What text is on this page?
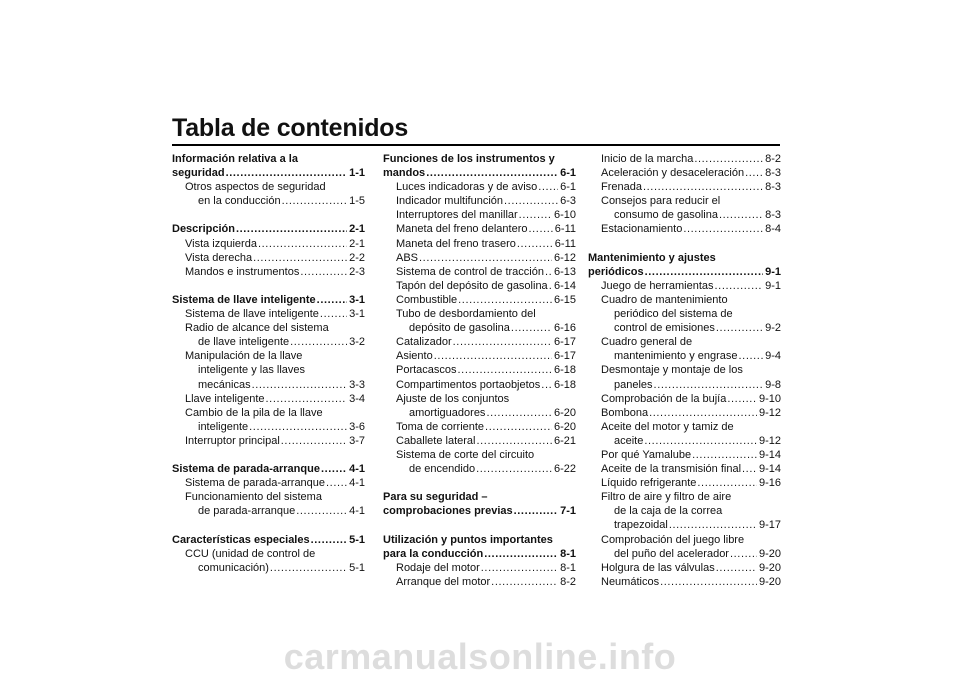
Tabla de contenidos
Información relativa a la
seguridad .....	1-1
Otros aspectos de seguridad
en la conducción .....	1-5
Descripción .....	2-1
Vista izquierda .....	2-1
Vista derecha .....	2-2
Mandos e instrumentos .....	2-3
Sistema de llave inteligente .....	3-1
Sistema de llave inteligente .....	3-1
Radio de alcance del sistema
de llave inteligente .....	3-2
Manipulación de la llave
inteligente y las llaves
mecánicas .....	3-3
Llave inteligente .....	3-4
Cambio de la pila de la llave
inteligente .....	3-6
Interruptor principal .....	3-7
Sistema de parada-arranque .....	4-1
Sistema de parada-arranque ..... 4-1
Funcionamiento del sistema
de parada-arranque .....	4-1
Características especiales .....	5-1
CCU (unidad de control de
comunicación) .....	5-1
Funciones de los instrumentos y
mandos .....	6-1
Luces indicadoras y de aviso ..... 6-1
Indicador multifunción .....	6-3
Interruptores del manillar .....	6-10
Maneta del freno delantero ..... 6-11
Maneta del freno trasero .....	6-11
ABS .....	6-12
Sistema de control de tracción ..... 6-13
Tapón del depósito de gasolina ..... 6-14
Combustible .....	6-15
Tubo de desbordamiento del
depósito de gasolina .....	6-16
Catalizador .....	6-17
Asiento .....	6-17
Portacascos .....	6-18
Compartimentos portaobjetos ..... 6-18
Ajuste de los conjuntos
amortiguadores .....	6-20
Toma de corriente .....	6-20
Caballete lateral .....	6-21
Sistema de corte del circuito
de encendido .....	6-22
Para su seguridad –
comprobaciones previas .....	7-1
Utilización y puntos importantes
para la conducción .....	8-1
Rodaje del motor .....	8-1
Arranque del motor .....	8-2
Inicio de la marcha .....	8-2
Aceleración y desaceleración ..... 8-3
Frenada .....	8-3
Consejos para reducir el
consumo de gasolina .....	8-3
Estacionamiento .....	8-4
Mantenimiento y ajustes
periódicos .....	9-1
Juego de herramientas .....	9-1
Cuadro de mantenimiento
periódico del sistema de
control de emisiones .....	9-2
Cuadro general de
mantenimiento y engrase .....	9-4
Desmontaje y montaje de los
paneles .....	9-8
Comprobación de la bujía .....	9-10
Bombona .....	9-12
Aceite del motor y tamiz de
aceite .....	9-12
Por qué Yamalube .....	9-14
Aceite de la transmisión final ..... 9-14
Líquido refrigerante .....	9-16
Filtro de aire y filtro de aire
de la caja de la correa
trapezoidal .....	9-17
Comprobación del juego libre
del puño del acelerador .....	9-20
Holgura de las válvulas .....	9-20
Neumáticos .....	9-20
carmanualsonline.info
